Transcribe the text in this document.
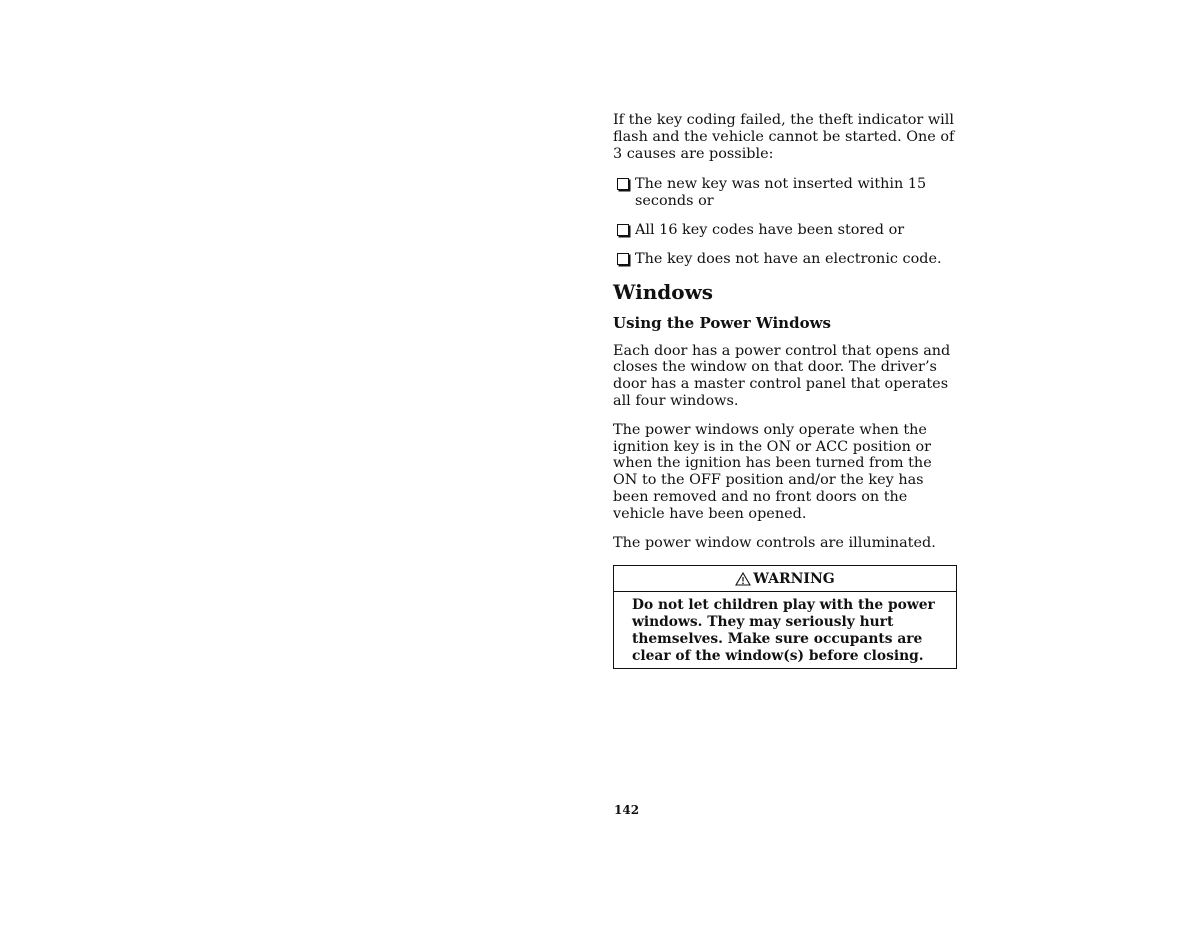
If the key coding failed, the theft indicator will flash and the vehicle cannot be started. One of 3 causes are possible:

The new key was not inserted within 15 seconds or
All 16 key codes have been stored or
The key does not have an electronic code.
Windows
Using the Power Windows

Each door has a power control that opens and closes the window on that door. The driver’s door has a master control panel that operates all four windows.

The power windows only operate when the ignition key is in the ON or ACC position or when the ignition has been turned from the ON to the OFF position and/or the key has been removed and no front doors on the vehicle have been opened.

The power window controls are illuminated.

WARNING
Do not let children play with the power windows. They may seriously hurt themselves. Make sure occupants are clear of the window(s) before closing.
142
